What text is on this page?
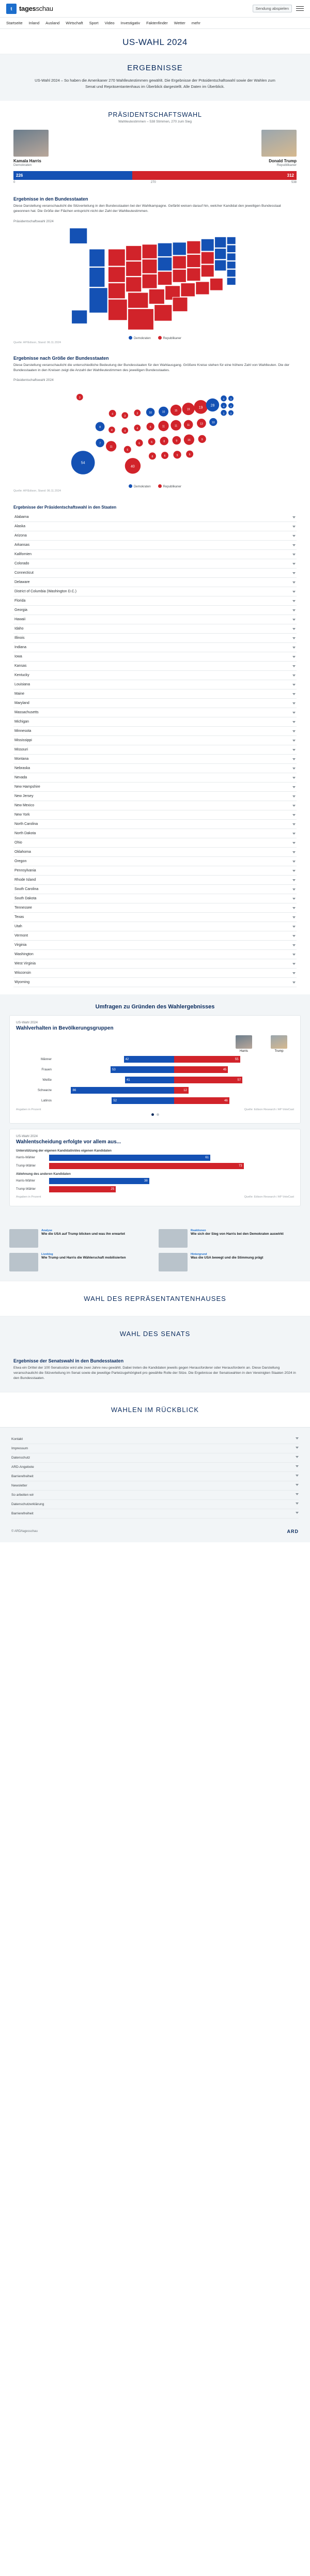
t	tagesschau	Sendung abspielen
Startseite Inland Ausland Wirtschaft Sport Video Investigativ Faktenfinder Wetter mehr
US-WAHL 2024
ERGEBNISSE
US-Wahl 2024 – So haben die Amerikaner 270 Wahlleutestimmen gewählt. Die Ergebnisse der Präsidentschaftswahl sowie der Wahlen zum Senat und Repräsentantenhaus im Überblick dargestellt. Alle Daten im Überblick.
PRÄSIDENTSCHAFTSWAHL
Wahlleutestimmen – 538 Stimmen, 270 zum Sieg
Kamala Harris
Demokraten
Donald Trump
Republikaner
226	312
0	270	538
Ergebnisse in den Bundesstaaten
Diese Darstellung veranschaulicht die Sitzverteilung in den Bundesstaaten bei der Wahlkampagne. Gefärbt weisen darauf hin, welcher Kandidat den jeweiligen Bundesstaat gewonnen hat. Die Größe der Flächen entspricht nicht der Zahl der Wahlleutestimmen.
Präsidentschaftswahl 2024
Demokraten	Republikaner
Quelle: AP/Edison, Stand: 06.11.2024
Ergebnisse nach Größe der Bundesstaaten
Diese Darstellung veranschaulicht die unterschiedliche Bedeutung der Bundesstaaten für den Wahlausgang. Größere Kreise stehen für eine höhere Zahl von Wahlleuten. Die der Bundesstaaten in den Kreisen zeigt die Anzahl der Wahlleutestimmen des jeweiligen Bundesstaates.
Präsidentschaftswahl 2024
54
3
8
7
4
4
11
3
4
5
40
3
4
6
10
6
6
8
10
11
8
6
15
11
9
9
19
11
16
6
19
13
9
28
10
4
4
3
3
4
3
Demokraten	Republikaner
Quelle: AP/Edison, Stand: 06.11.2024
Ergebnisse der Präsidentschaftswahl in den Staaten
Alabama
Alaska
Arizona
Arkansas
Kalifornien
Colorado
Connecticut
Delaware
District of Columbia (Washington D.C.)
Florida
Georgia
Hawaii
Idaho
Illinois
Indiana
Iowa
Kansas
Kentucky
Louisiana
Maine
Maryland
Massachusetts
Michigan
Minnesota
Mississippi
Missouri
Montana
Nebraska
Nevada
New Hampshire
New Jersey
New Mexico
New York
North Carolina
North Dakota
Ohio
Oklahoma
Oregon
Pennsylvania
Rhode Island
South Carolina
South Dakota
Tennessee
Texas
Utah
Vermont
Virginia
Washington
West Virginia
Wisconsin
Wyoming
Umfragen zu Gründen des Wahlergebnisses
US-Wahl 2024
Wahlverhalten in Bevölkerungsgruppen
Harris	Trump
Männer	42	55
Frauen	53	45
Weiße	41	57
Schwarze	86	12
Latinos	52	46
Angaben in Prozent	Quelle: Edison Research / AP VoteCast
US-Wahl 2024
Wahlentscheidung erfolgte vor allem aus...
Unterstützung der eigenen Kandidatin/des eigenen Kandidaten
Harris-Wähler	61
Trump-Wähler	73
Ablehnung des anderen Kandidaten
Harris-Wähler	38
Trump-Wähler	25
Angaben in Prozent	Quelle: Edison Research / AP VoteCast
Analyse
Wie die USA auf Trump blicken und was ihn erwartet
Reaktionen
Wie sich der Sieg von Harris bei den Demokraten auswirkt
Liveblog
Wie Trump und Harris die Wählerschaft mobilisierten
Hintergrund
Was die USA bewegt und die Stimmung prägt
WAHL DES REPRÄSENTANTENHAUSES
WAHL DES SENATS
Ergebnisse der Senatswahl in den Bundesstaaten
Etwa ein Drittel der 100 Senatssitze wird alle zwei Jahre neu gewählt. Dabei treten die Kandidaten jeweils gegen Herausforderer oder Herausforderin an. Diese Darstellung veranschaulicht die Sitzverteilung im Senat sowie die jeweilige Parteizugehörigkeit pro gewählte Rolle der Sitze. Die Ergebnisse der Senatswahlen in den Vereinigten Staaten 2024 in den Bundesstaaten.
WAHLEN IM RÜCKBLICK
Kontakt
Impressum
Datenschutz
ARD-Angebote
Barrierefreiheit
Newsletter
So arbeiten wir
Datenschutzerklärung
Barrierefreiheit
© ARD/tagesschau	ARD
